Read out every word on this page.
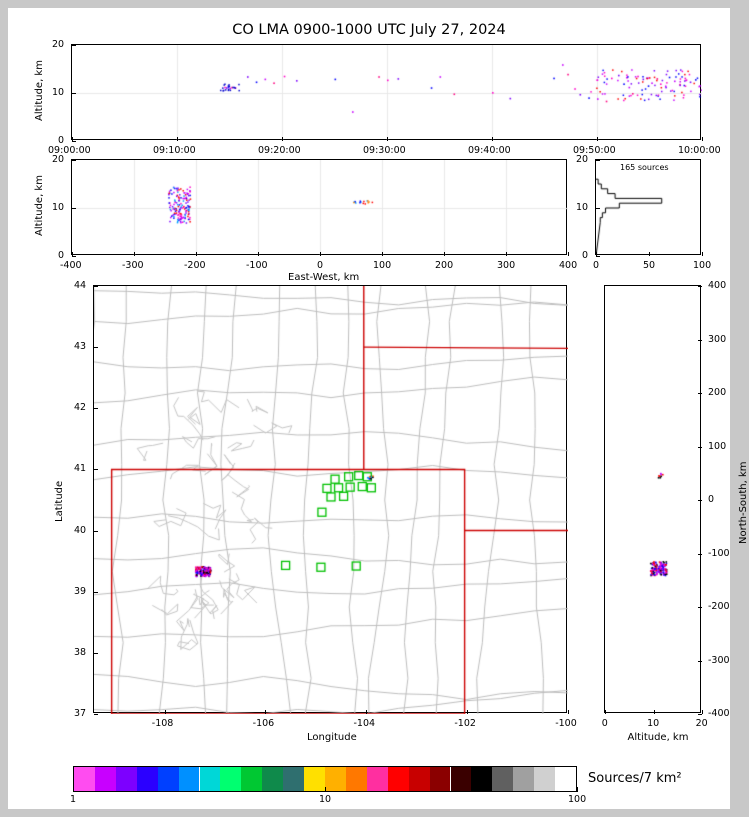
CO LMA 0900-1000 UTC July 27, 2024
165 sources
Sources/7 km²
0
10
20
09:00:00	09:10:00	09:20:00	09:30:00	09:40:00	09:50:00	10:00:00
Altitude, km
0
10
20
-400	-300	-200	-100	0	100	200	300	400
Altitude, km
East-West, km
0
10
20
0	50	100
37
38
39
40
41
42
43
44
-108	-106	-104	-102	-100
Latitude
Longitude
-400
-300
-200
-100
0
100
200
300
400
0	10	20
North-South, km
Altitude, km
1	10	100
